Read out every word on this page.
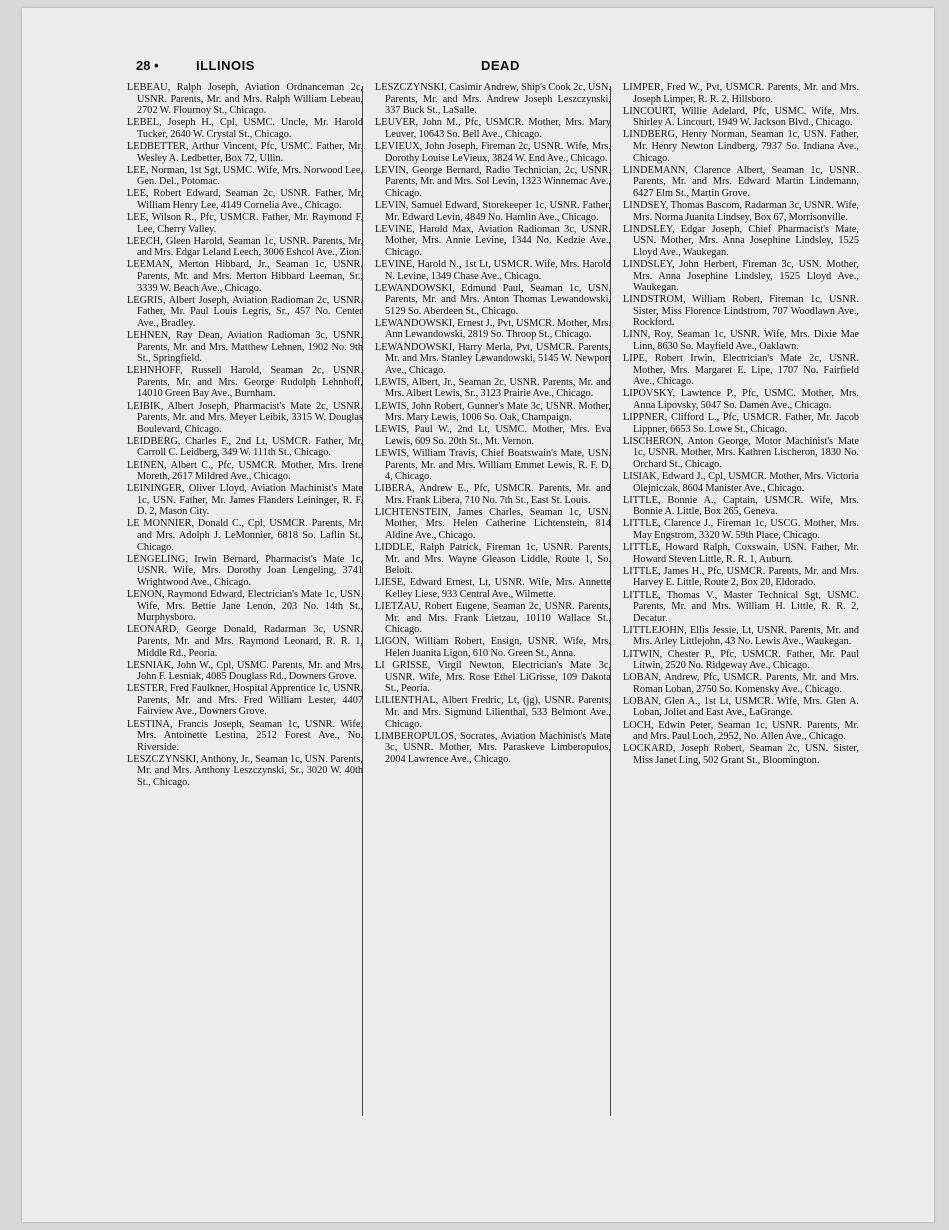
28 •	ILLINOIS	DEAD

LEBEAU, Ralph Joseph, Aviation Ordnanceman 2c, USNR. Parents, Mr. and Mrs. Ralph William Lebeau, 2702 W. Flournoy St., Chicago.

LEBEL, Joseph H., Cpl, USMC. Uncle, Mr. Harold Tucker, 2640 W. Crystal St., Chicago.

LEDBETTER, Arthur Vincent, Pfc, USMC. Father, Mr. Wesley A. Ledbetter, Box 72, Ullin.

LEE, Norman, 1st Sgt, USMC. Wife, Mrs. Norwood Lee, Gen. Del., Potomac.

LEE, Robert Edward, Seaman 2c, USNR. Father, Mr. William Henry Lee, 4149 Cornelia Ave., Chicago.

LEE, Wilson R., Pfc, USMCR. Father, Mr. Raymond F. Lee, Cherry Valley.

LEECH, Gleen Harold, Seaman 1c, USNR. Parents, Mr. and Mrs. Edgar Leland Leech, 3006 Eshcol Ave., Zion.

LEEMAN, Merton Hibbard, Jr., Seaman 1c, USNR. Parents, Mr. and Mrs. Merton Hibbard Leeman, Sr., 3339 W. Beach Ave., Chicago.

LEGRIS, Albert Joseph, Aviation Radioman 2c, USNR. Father, Mr. Paul Louis Legris, Sr., 457 No. Center Ave., Bradley.

LEHNEN, Ray Dean, Aviation Radioman 3c, USNR. Parents, Mr. and Mrs. Matthew Lehnen, 1902 No. 9th St., Springfield.

LEHNHOFF, Russell Harold, Seaman 2c, USNR. Parents, Mr. and Mrs. George Rudolph Lehnhoff, 14010 Green Bay Ave., Burnham.

LEIBIK, Albert Joseph, Pharmacist's Mate 2c, USNR. Parents, Mr. and Mrs. Meyer Leibik, 3315 W. Douglas Boulevard, Chicago.

LEIDBERG, Charles F., 2nd Lt, USMCR. Father, Mr. Carroll C. Leidberg, 349 W. 111th St., Chicago.

LEINEN, Albert C., Pfc, USMCR. Mother, Mrs. Irene Moreth, 2617 Mildred Ave., Chicago.

LEININGER, Oliver Lloyd, Aviation Machinist's Mate 1c, USN. Father, Mr. James Flanders Leininger, R. F. D. 2, Mason City.

LE MONNIER, Donald C., Cpl, USMCR. Parents, Mr. and Mrs. Adolph J. LeMonnier, 6818 So. Laflin St., Chicago.

LENGELING, Irwin Bernard, Pharmacist's Mate 1c, USNR. Wife, Mrs. Dorothy Joan Lengeling, 3741 Wrightwood Ave., Chicago.

LENON, Raymond Edward, Electrician's Mate 1c, USN. Wife, Mrs. Bettie Jane Lenon, 203 No. 14th St., Murphysboro.

LEONARD, George Donald, Radarman 3c, USNR. Parents, Mr. and Mrs. Raymond Leonard, R. R. 1, Middle Rd., Peoria.

LESNIAK, John W., Cpl, USMC. Parents, Mr. and Mrs. John F. Lesniak, 4085 Douglass Rd., Downers Grove.

LESTER, Fred Faulkner, Hospital Apprentice 1c, USNR. Parents, Mr. and Mrs. Fred William Lester, 4407 Fairview Ave., Downers Grove.

LESTINA, Francis Joseph, Seaman 1c, USNR. Wife, Mrs. Antoinette Lestina, 2512 Forest Ave., No. Riverside.

LESZCZYNSKI, Anthony, Jr., Seaman 1c, USN. Parents, Mr. and Mrs. Anthony Leszczynski, Sr., 3020 W. 40th St., Chicago.

LESZCZYNSKI, Casimir Andrew, Ship's Cook 2c, USN. Parents, Mr. and Mrs. Andrew Joseph Leszczynski, 337 Buck St., LaSalle.

LEUVER, John M., Pfc, USMCR. Mother, Mrs. Mary Leuver, 10643 So. Bell Ave., Chicago.

LEVIEUX, John Joseph, Fireman 2c, USNR. Wife, Mrs. Dorothy Louise LeVieux, 3824 W. End Ave., Chicago.

LEVIN, George Bernard, Radio Technician, 2c, USNR. Parents, Mr. and Mrs. Sol Levin, 1323 Winnemac Ave., Chicago.

LEVIN, Samuel Edward, Storekeeper 1c, USNR. Father, Mr. Edward Levin, 4849 No. Hamlin Ave., Chicago.

LEVINE, Harold Max, Aviation Radioman 3c, USNR. Mother, Mrs. Annie Levine, 1344 No. Kedzie Ave., Chicago.

LEVINE, Harold N., 1st Lt, USMCR. Wife, Mrs. Harold N. Levine, 1349 Chase Ave., Chicago.

LEWANDOWSKI, Edmund Paul, Seaman 1c, USN. Parents, Mr. and Mrs. Anton Thomas Lewandowski, 5129 So. Aberdeen St., Chicago.

LEWANDOWSKI, Ernest J., Pvt, USMCR. Mother, Mrs. Ann Lewandowski, 2819 So. Throop St., Chicago.

LEWANDOWSKI, Harry Merla, Pvt, USMCR. Parents, Mr. and Mrs. Stanley Lewandowski, 5145 W. Newport Ave., Chicago.

LEWIS, Albert, Jr., Seaman 2c, USNR. Parents, Mr. and Mrs. Albert Lewis, Sr., 3123 Prairie Ave., Chicago.

LEWIS, John Robert, Gunner's Mate 3c, USNR. Mother, Mrs. Mary Lewis, 1006 So. Oak, Champaign.

LEWIS, Paul W., 2nd Lt, USMC. Mother, Mrs. Eva Lewis, 609 So. 20th St., Mt. Vernon.

LEWIS, William Travis, Chief Boatswain's Mate, USN. Parents, Mr. and Mrs. William Emmet Lewis, R. F. D. 4, Chicago.

LIBERA, Andrew E., Pfc, USMCR. Parents, Mr. and Mrs. Frank Libera, 710 No. 7th St., East St. Louis.

LICHTENSTEIN, James Charles, Seaman 1c, USN. Mother, Mrs. Helen Catherine Lichtenstein, 814 Aldine Ave., Chicago.

LIDDLE, Ralph Patrick, Fireman 1c, USNR. Parents, Mr. and Mrs. Wayne Gleason Liddle, Route 1, So. Beloit.

LIESE, Edward Ernest, Lt, USNR. Wife, Mrs. Annette Kelley Liese, 933 Central Ave., Wilmette.

LIETZAU, Robert Eugene, Seaman 2c, USNR. Parents, Mr. and Mrs. Frank Lietzau, 10110 Wallace St., Chicago.

LIGON, William Robert, Ensign, USNR. Wife, Mrs. Helen Juanita Ligon, 610 No. Green St., Anna.

LI GRISSE, Virgil Newton, Electrician's Mate 3c, USNR. Wife, Mrs. Rose Ethel LiGrisse, 109 Dakota St., Peoria.

LILIENTHAL, Albert Fredric, Lt, (jg), USNR. Parents, Mr. and Mrs. Sigmund Lilienthal, 533 Belmont Ave., Chicago.

LIMBEROPULOS, Socrates, Aviation Machinist's Mate 3c, USNR. Mother, Mrs. Paraskeve Limberopulos, 2004 Lawrence Ave., Chicago.

LIMPER, Fred W., Pvt, USMCR. Parents, Mr. and Mrs. Joseph Limper, R. R. 2, Hillsboro.

LINCOURT, Willie Adelard, Pfc, USMC. Wife, Mrs. Shirley A. Lincourt, 1949 W. Jackson Blvd., Chicago.

LINDBERG, Henry Norman, Seaman 1c, USN. Father, Mr. Henry Newton Lindberg, 7937 So. Indiana Ave., Chicago.

LINDEMANN, Clarence Albert, Seaman 1c, USNR. Parents, Mr. and Mrs. Edward Martin Lindemann, 6427 Elm St., Martin Grove.

LINDSEY, Thomas Bascom, Radarman 3c, USNR. Wife, Mrs. Norma Juanita Lindsey, Box 67, Morrisonville.

LINDSLEY, Edgar Joseph, Chief Pharmacist's Mate, USN. Mother, Mrs. Anna Josephine Lindsley, 1525 Lloyd Ave., Waukegan.

LINDSLEY, John Herbert, Fireman 3c, USN. Mother, Mrs. Anna Josephine Lindsley, 1525 Lloyd Ave., Waukegan.

LINDSTROM, William Robert, Fireman 1c, USNR. Sister, Miss Florence Lindstrom, 707 Woodlawn Ave., Rockford.

LINN, Roy, Seaman 1c, USNR. Wife, Mrs. Dixie Mae Linn, 8630 So. Mayfield Ave., Oaklawn.

LIPE, Robert Irwin, Electrician's Mate 2c, USNR. Mother, Mrs. Margaret E. Lipe, 1707 No. Fairfield Ave., Chicago.

LIPOVSKY, Lawtence P., Pfc, USMC. Mother, Mrs. Anna Lipovsky, 5047 So. Damen Ave., Chicago.

LIPPNER, Clifford L., Pfc, USMCR. Father, Mr. Jacob Lippner, 6653 So. Lowe St., Chicago.

LISCHERON, Anton George, Motor Machinist's Mate 1c, USNR. Mother, Mrs. Kathren Lischeron, 1830 No. Orchard St., Chicago.

LISIAK, Edward J., Cpl, USMCR. Mother, Mrs. Victoria Olejniczak, 8604 Manister Ave., Chicago.

LITTLE, Bonnie A., Captain, USMCR. Wife, Mrs. Bonnie A. Little, Box 265, Geneva.

LITTLE, Clarence J., Fireman 1c, USCG. Mother, Mrs. May Engstrom, 3320 W. 59th Place, Chicago.

LITTLE, Howard Ralph, Coxswain, USN. Father, Mr. Howard Steven Little, R. R. 1, Auburn.

LITTLE, James H., Pfc, USMCR. Parents, Mr. and Mrs. Harvey E. Little, Route 2, Box 20, Eldorado.

LITTLE, Thomas V., Master Technical Sgt, USMC. Parents, Mr. and Mrs. William H. Little, R. R. 2, Decatur.

LITTLEJOHN, Ellis Jessie, Lt, USNR. Parents, Mr. and Mrs. Arley Littlejohn, 43 No. Lewis Ave., Waukegan.

LITWIN, Chester P., Pfc, USMCR. Father, Mr. Paul Litwin, 2520 No. Ridgeway Ave., Chicago.

LOBAN, Andrew, Pfc, USMCR. Parents, Mr. and Mrs. Roman Loban, 2750 So. Komensky Ave., Chicago.

LOBAN, Glen A., 1st Lt, USMCR. Wife, Mrs. Glen A. Loban, Joliet and East Ave., LaGrange.

LOCH, Edwin Peter, Seaman 1c, USNR. Parents, Mr. and Mrs. Paul Loch, 2952, No. Allen Ave., Chicago.

LOCKARD, Joseph Robert, Seaman 2c, USN. Sister, Miss Janet Ling, 502 Grant St., Bloomington.
